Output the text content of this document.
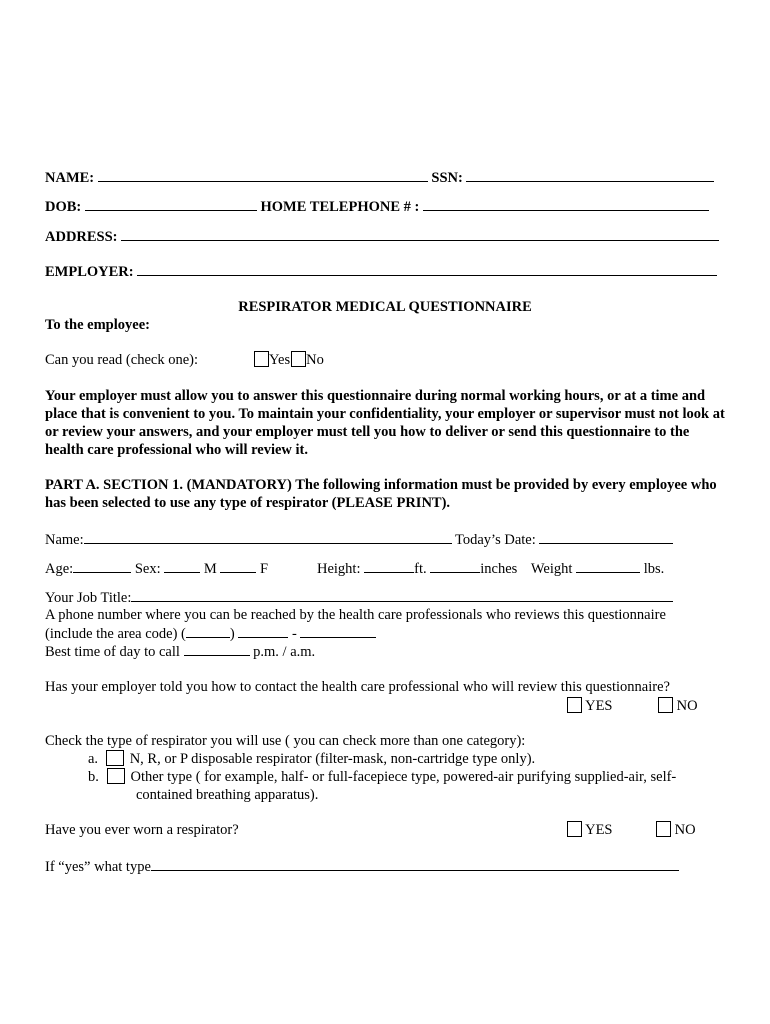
NAME:	SSN:
DOB:	HOME TELEPHONE # :
ADDRESS:
EMPLOYER:
RESPIRATOR MEDICAL QUESTIONNAIRE
To the employee:
Can you read (check one):	Yes No
Your employer must allow you to answer this questionnaire during normal working hours, or at a time and place that is convenient to you. To maintain your confidentiality, your employer or supervisor must not look at or review your answers, and your employer must tell you how to deliver or send this questionnaire to the health care professional who will review it.
PART A. SECTION 1. (MANDATORY) The following information must be provided by every employee who has been selected to use any type of respirator (PLEASE PRINT).
Name:	Today’s Date:
Age:	Sex:	M	F	Height:	ft.	inches Weight	lbs.
Your Job Title:
A phone number where you can be reached by the health care professionals who reviews this questionnaire
(include the area code) (	)	-
Best time of day to call	p.m. / a.m.
Has your employer told you how to contact the health care professional who will review this questionnaire?
YES	NO
Check the type of respirator you will use ( you can check more than one category):
a. N, R, or P disposable respirator (filter-mask, non-cartridge type only).
b. Other type ( for example, half- or full-facepiece type, powered-air purifying supplied-air, self-
contained breathing apparatus).
Have you ever worn a respirator?	YES	NO
If “yes” what type
